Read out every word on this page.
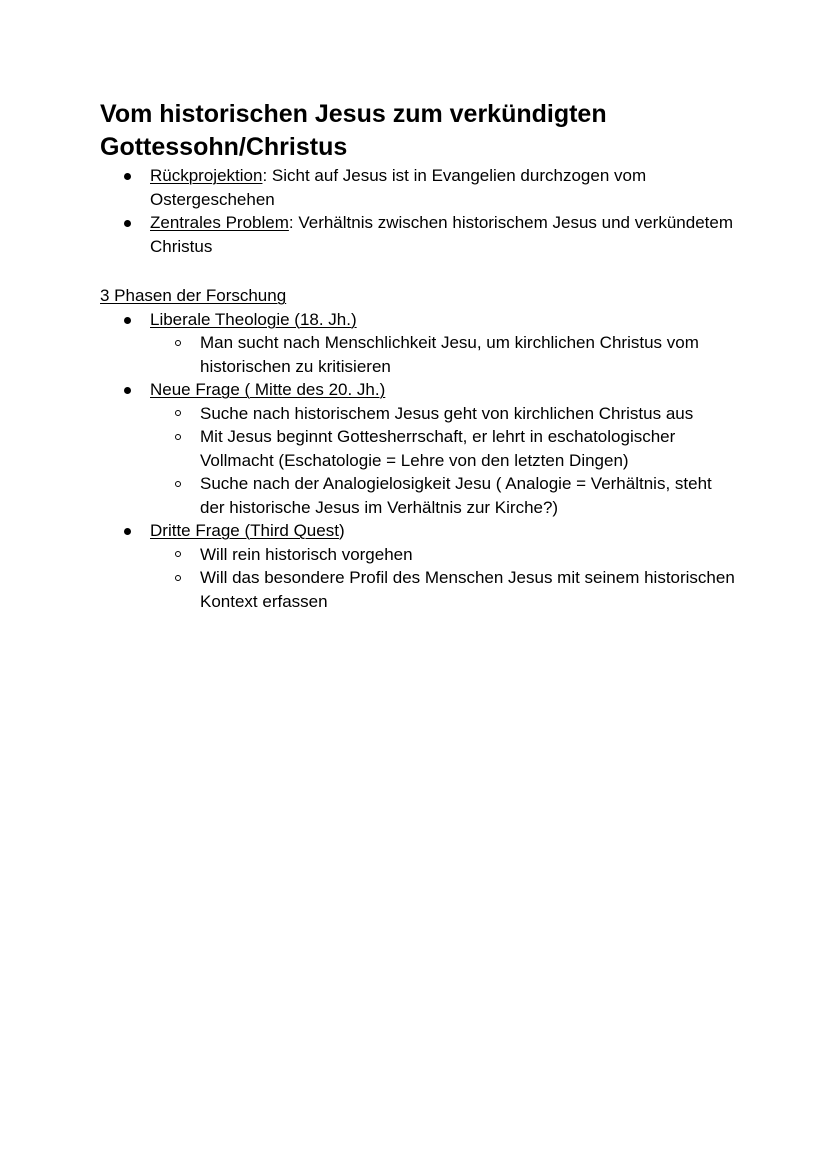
Vom historischen Jesus zum verkündigten Gottessohn/Christus
Rückprojektion: Sicht auf Jesus ist in Evangelien durchzogen vom Ostergeschehen
Zentrales Problem: Verhältnis zwischen historischem Jesus und verkündetem Christus
3 Phasen der Forschung
Liberale Theologie (18. Jh.)
Man sucht nach Menschlichkeit Jesu, um kirchlichen Christus vom historischen zu kritisieren
Neue Frage ( Mitte des 20. Jh.)
Suche nach historischem Jesus geht von kirchlichen Christus aus
Mit Jesus beginnt Gottesherrschaft, er lehrt in eschatologischer Vollmacht (Eschatologie = Lehre von den letzten Dingen)
Suche nach der Analogielosigkeit Jesu ( Analogie = Verhältnis, steht der historische Jesus im Verhältnis zur Kirche?)
Dritte Frage (Third Quest)
Will rein historisch vorgehen
Will das besondere Profil des Menschen Jesus mit seinem historischen Kontext erfassen
